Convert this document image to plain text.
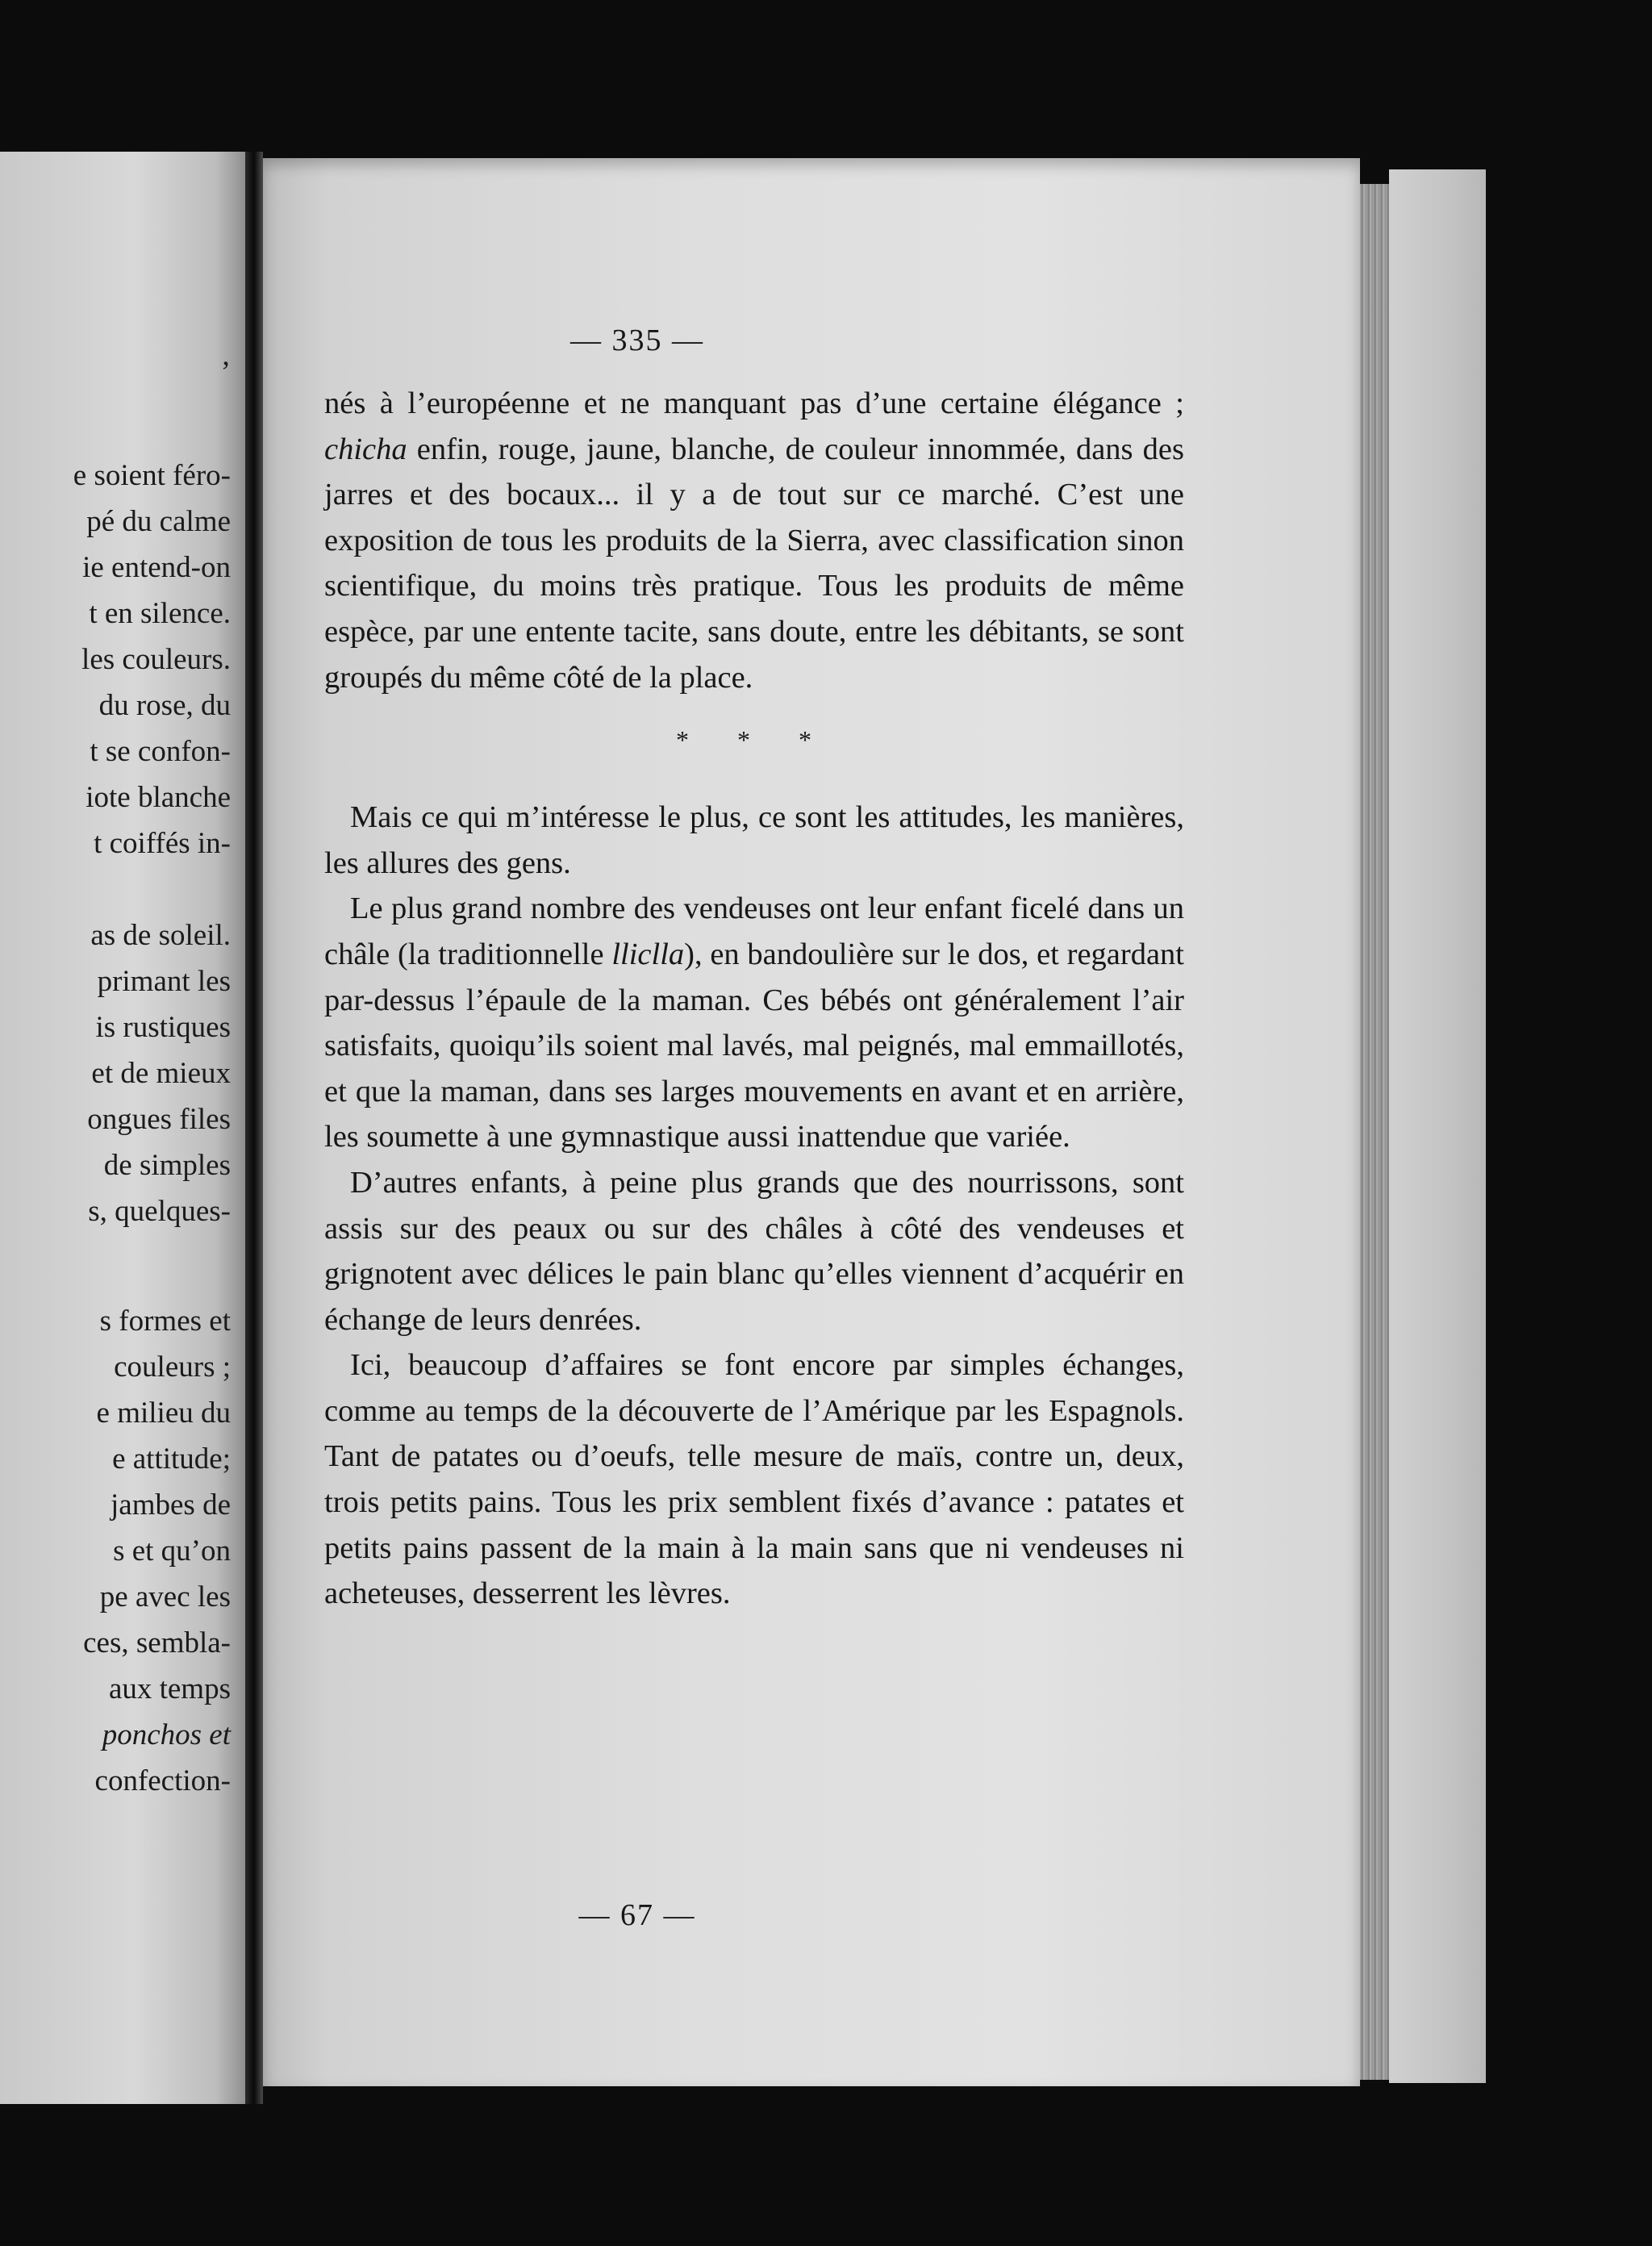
’
e soient féro-
pé du calme
ie entend-on
t en silence.
les couleurs.
du rose, du
t se confon-
iote blanche
t coiffés in-
as de soleil.
primant les
is rustiques
et de mieux
ongues files
de simples
s, quelques-
s formes et
couleurs ;
e milieu du
e attitude;
jambes de
s et qu’on
pe avec les
ces, sembla-
aux temps
ponchos et
confection-
— 335 —

nés à l’européenne et ne manquant pas d’une certaine élégance ; chicha enfin, rouge, jaune, blanche, de couleur innommée, dans des jarres et des bocaux... il y a de tout sur ce marché. C’est une exposition de tous les produits de la Sierra, avec classification sinon scientifique, du moins très pratique. Tous les produits de même espèce, par une entente tacite, sans doute, entre les débitants, se sont groupés du même côté de la place.

* * *

Mais ce qui m’intéresse le plus, ce sont les attitudes, les manières, les allures des gens.

Le plus grand nombre des vendeuses ont leur enfant ficelé dans un châle (la traditionnelle lliclla), en bandoulière sur le dos, et regardant par-dessus l’épaule de la maman. Ces bébés ont généralement l’air satisfaits, quoiqu’ils soient mal lavés, mal peignés, mal emmaillotés, et que la maman, dans ses larges mouvements en avant et en arrière, les soumette à une gymnastique aussi inattendue que variée.

D’autres enfants, à peine plus grands que des nourrissons, sont assis sur des peaux ou sur des châles à côté des vendeuses et grignotent avec délices le pain blanc qu’elles viennent d’acquérir en échange de leurs denrées.

Ici, beaucoup d’affaires se font encore par simples échanges, comme au temps de la découverte de l’Amérique par les Espagnols. Tant de patates ou d’oeufs, telle mesure de maïs, contre un, deux, trois petits pains. Tous les prix semblent fixés d’avance : patates et petits pains passent de la main à la main sans que ni vendeuses ni acheteuses, desserrent les lèvres.

— 67 —
